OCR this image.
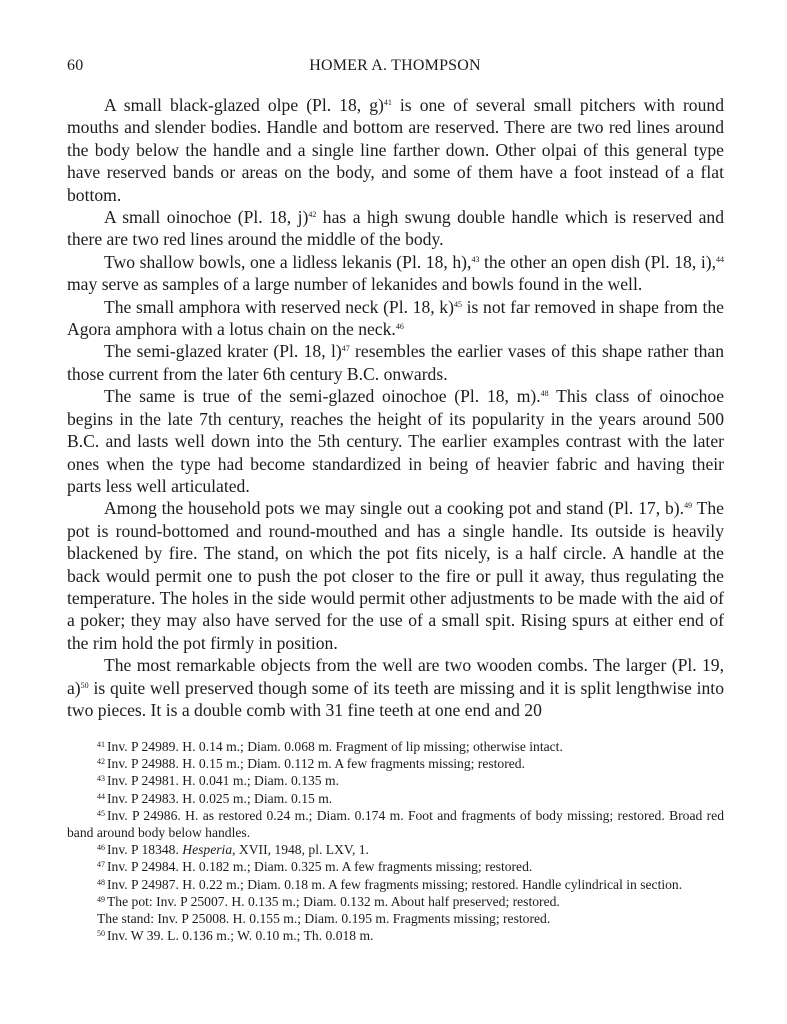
60	HOMER A. THOMPSON

A small black-glazed olpe (Pl. 18, g)$^{41}$ is one of several small pitchers with round mouths and slender bodies. Handle and bottom are reserved. There are two red lines around the body below the handle and a single line farther down. Other olpai of this general type have reserved bands or areas on the body, and some of them have a foot instead of a flat bottom.

A small oinochoe (Pl. 18, j)$^{42}$ has a high swung double handle which is reserved and there are two red lines around the middle of the body.

Two shallow bowls, one a lidless lekanis (Pl. 18, h),$^{43}$ the other an open dish (Pl. 18, i),$^{44}$ may serve as samples of a large number of lekanides and bowls found in the well.

The small amphora with reserved neck (Pl. 18, k)$^{45}$ is not far removed in shape from the Agora amphora with a lotus chain on the neck.$^{46}$

The semi-glazed krater (Pl. 18, l)$^{47}$ resembles the earlier vases of this shape rather than those current from the later 6th century B.C. onwards.

The same is true of the semi-glazed oinochoe (Pl. 18, m).$^{48}$ This class of oinochoe begins in the late 7th century, reaches the height of its popularity in the years around 500 B.C. and lasts well down into the 5th century. The earlier examples contrast with the later ones when the type had become standardized in being of heavier fabric and having their parts less well articulated.

Among the household pots we may single out a cooking pot and stand (Pl. 17, b).$^{49}$ The pot is round-bottomed and round-mouthed and has a single handle. Its outside is heavily blackened by fire. The stand, on which the pot fits nicely, is a half circle. A handle at the back would permit one to push the pot closer to the fire or pull it away, thus regulating the temperature. The holes in the side would permit other adjustments to be made with the aid of a poker; they may also have served for the use of a small spit. Rising spurs at either end of the rim hold the pot firmly in position.

The most remarkable objects from the well are two wooden combs. The larger (Pl. 19, a)$^{50}$ is quite well preserved though some of its teeth are missing and it is split lengthwise into two pieces. It is a double comb with 31 fine teeth at one end and 20

$^{41}$ Inv. P 24989. H. 0.14 m.; Diam. 0.068 m. Fragment of lip missing; otherwise intact.
$^{42}$ Inv. P 24988. H. 0.15 m.; Diam. 0.112 m. A few fragments missing; restored.
$^{43}$ Inv. P 24981. H. 0.041 m.; Diam. 0.135 m.
$^{44}$ Inv. P 24983. H. 0.025 m.; Diam. 0.15 m.
$^{45}$ Inv. P 24986. H. as restored 0.24 m.; Diam. 0.174 m. Foot and fragments of body missing; restored. Broad red band around body below handles.
$^{46}$ Inv. P 18348. Hesperia, XVII, 1948, pl. LXV, 1.
$^{47}$ Inv. P 24984. H. 0.182 m.; Diam. 0.325 m. A few fragments missing; restored.
$^{48}$ Inv. P 24987. H. 0.22 m.; Diam. 0.18 m. A few fragments missing; restored. Handle cylindrical in section.
$^{49}$ The pot: Inv. P 25007. H. 0.135 m.; Diam. 0.132 m. About half preserved; restored.
The stand: Inv. P 25008. H. 0.155 m.; Diam. 0.195 m. Fragments missing; restored.
$^{50}$ Inv. W 39. L. 0.136 m.; W. 0.10 m.; Th. 0.018 m.
